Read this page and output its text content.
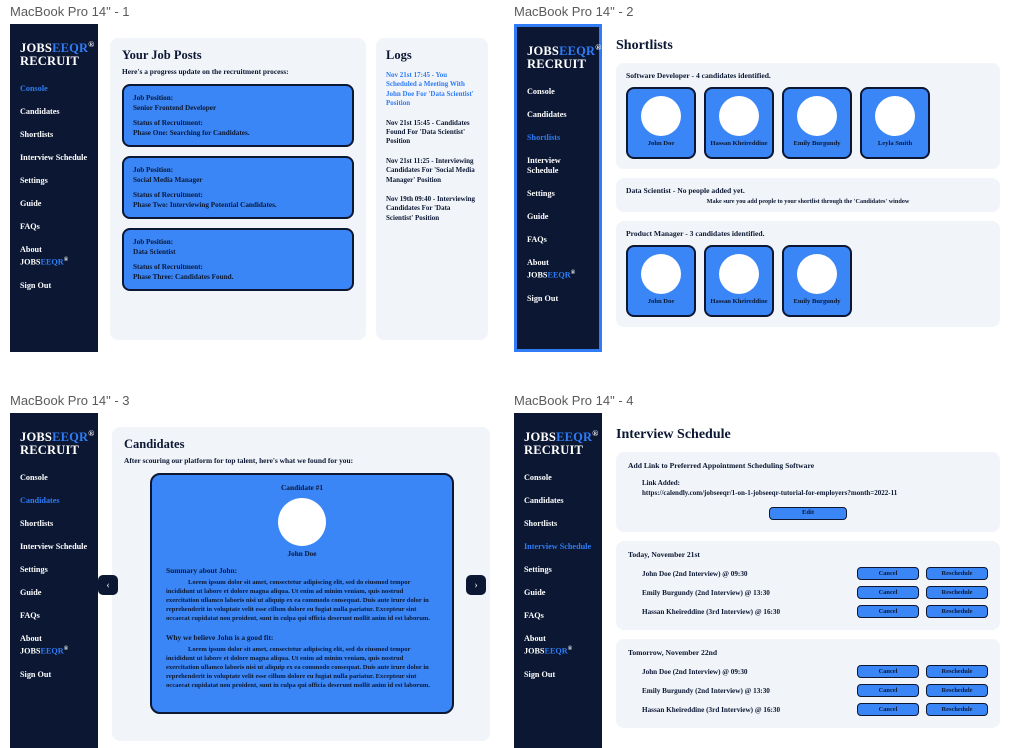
MacBook Pro 14" - 1
JOBSEEQR®
RECRUIT
Console
Candidates
Shortlists
Interview Schedule
Settings
Guide
FAQs
About JOBSEEQR®
Sign Out
Your Job Posts
Here's a progress update on the recruitment process:
Job Position:
Senior Frontend Developer
Status of Recruitment:
Phase One: Searching for Candidates.
Job Position:
Social Media Manager
Status of Recruitment:
Phase Two: Interviewing Potential Candidates.
Job Position:
Data Scientist
Status of Recruitment:
Phase Three: Candidates Found.
Logs
Nov 21st 17:45 - You Scheduled a Meeting With John Doe For 'Data Scientist' Position
Nov 21st 15:45 - Candidates Found For 'Data Scientist' Position
Nov 21st 11:25 - Interviewing Candidates For 'Social Media Manager' Position
Nov 19th 09:40 - Interviewing Candidates For 'Data Scientist' Position
MacBook Pro 14" - 2
JOBSEEQR®
RECRUIT
Console
Candidates
Shortlists
Interview Schedule
Settings
Guide
FAQs
About JOBSEEQR®
Sign Out
Shortlists
Software Developer - 4 candidates identified.
John Doe	Hassan Kheireddine	Emily Burgundy	Leyla Smith
Data Scientist - No people added yet.
Make sure you add people to your shortlist through the 'Candidates' window
Product Manager - 3 candidates identified.
John Doe	Hassan Kheireddine	Emily Burgundy
MacBook Pro 14" - 3
JOBSEEQR®
RECRUIT
Console
Candidates
Shortlists
Interview Schedule
Settings
Guide
FAQs
About JOBSEEQR®
Sign Out
Candidates
After scouring our platform for top talent, here's what we found for you:
‹	›
Candidate #1
John Doe
Summary about John:

Lorem ipsum dolor sit amet, consectetur adipiscing elit, sed do eiusmod tempor incididunt ut labore et dolore magna aliqua. Ut enim ad minim veniam, quis nostrud exercitation ullamco laboris nisi ut aliquip ex ea commodo consequat. Duis aute irure dolor in reprehenderit in voluptate velit esse cillum dolore eu fugiat nulla pariatur. Excepteur sint occaecat cupidatat non proident, sunt in culpa qui officia deserunt mollit anim id est laborum.

Why we believe John is a good fit:

Lorem ipsum dolor sit amet, consectetur adipiscing elit, sed do eiusmod tempor incididunt ut labore et dolore magna aliqua. Ut enim ad minim veniam, quis nostrud exercitation ullamco laboris nisi ut aliquip ex ea commodo consequat. Duis aute irure dolor in reprehenderit in voluptate velit esse cillum dolore eu fugiat nulla pariatur. Excepteur sint occaecat cupidatat non proident, sunt in culpa qui officia deserunt mollit anim id est laborum.

MacBook Pro 14" - 4
JOBSEEQR®
RECRUIT
Console
Candidates
Shortlists
Interview Schedule
Settings
Guide
FAQs
About JOBSEEQR®
Sign Out
Interview Schedule
Add Link to Preferred Appointment Scheduling Software
Link Added:
https://calendly.com/jobseeqr/1-on-1-jobseeqr-tutorial-for-employers?month=2022-11
Edit
Today, November 21st
John Doe (2nd Interview) @ 09:30	Cancel	Reschedule
Emily Burgundy (2nd Interview) @ 13:30	Cancel	Reschedule
Hassan Kheireddine (3rd Interview) @ 16:30	Cancel	Reschedule
Tomorrow, November 22nd
John Doe (2nd Interview) @ 09:30	Cancel	Reschedule
Emily Burgundy (2nd Interview) @ 13:30	Cancel	Reschedule
Hassan Kheireddine (3rd Interview) @ 16:30	Cancel	Reschedule
